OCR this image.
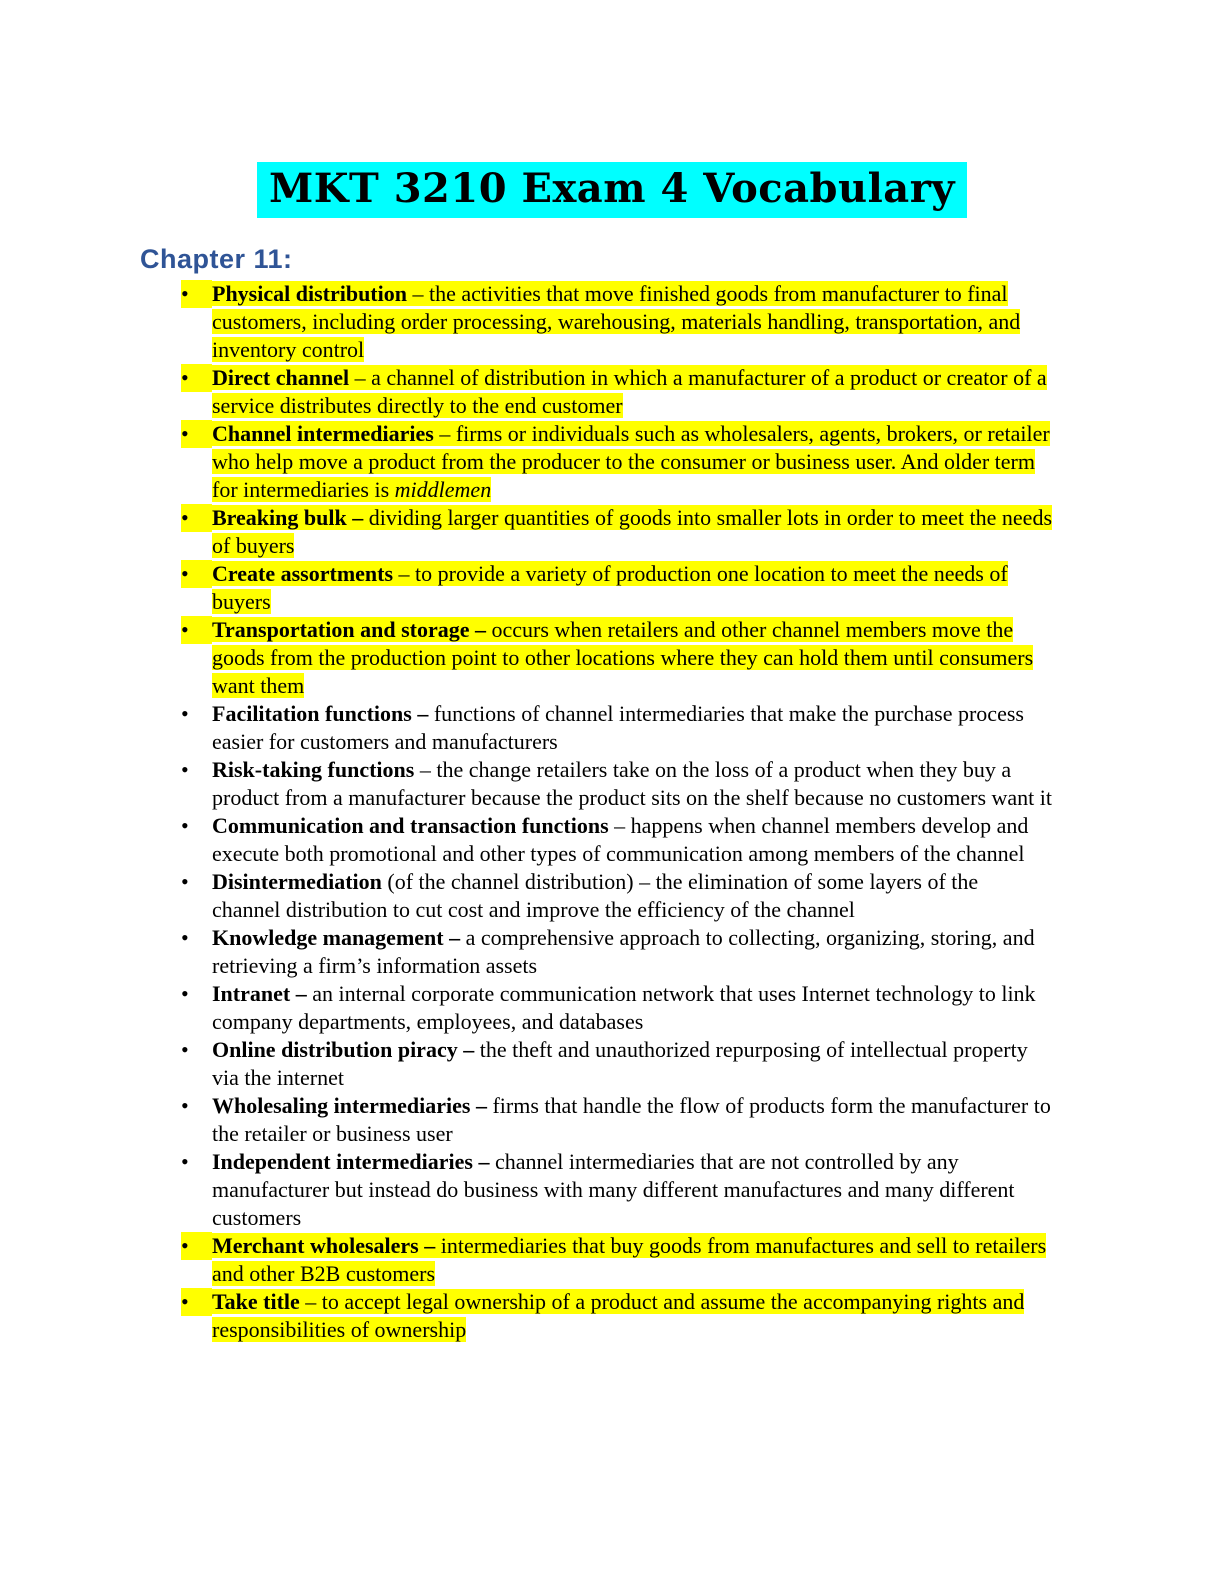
MKT 3210 Exam 4 Vocabulary
Chapter 11:
• Physical distribution – the activities that move finished goods from manufacturer to final customers, including order processing, warehousing, materials handling, transportation, and inventory control
• Direct channel – a channel of distribution in which a manufacturer of a product or creator of a service distributes directly to the end customer
• Channel intermediaries – firms or individuals such as wholesalers, agents, brokers, or retailer who help move a product from the producer to the consumer or business user. And older term for intermediaries is middlemen
• Breaking bulk – dividing larger quantities of goods into smaller lots in order to meet the needs of buyers
• Create assortments – to provide a variety of production one location to meet the needs of buyers
• Transportation and storage – occurs when retailers and other channel members move the goods from the production point to other locations where they can hold them until consumers want them
• Facilitation functions – functions of channel intermediaries that make the purchase process easier for customers and manufacturers
• Risk-taking functions – the change retailers take on the loss of a product when they buy a product from a manufacturer because the product sits on the shelf because no customers want it
• Communication and transaction functions – happens when channel members develop and execute both promotional and other types of communication among members of the channel
• Disintermediation (of the channel distribution) – the elimination of some layers of the channel distribution to cut cost and improve the efficiency of the channel
• Knowledge management – a comprehensive approach to collecting, organizing, storing, and retrieving a firm’s information assets
• Intranet – an internal corporate communication network that uses Internet technology to link company departments, employees, and databases
• Online distribution piracy – the theft and unauthorized repurposing of intellectual property via the internet
• Wholesaling intermediaries – firms that handle the flow of products form the manufacturer to the retailer or business user
• Independent intermediaries – channel intermediaries that are not controlled by any manufacturer but instead do business with many different manufactures and many different customers
• Merchant wholesalers – intermediaries that buy goods from manufactures and sell to retailers and other B2B customers
• Take title – to accept legal ownership of a product and assume the accompanying rights and responsibilities of ownership
